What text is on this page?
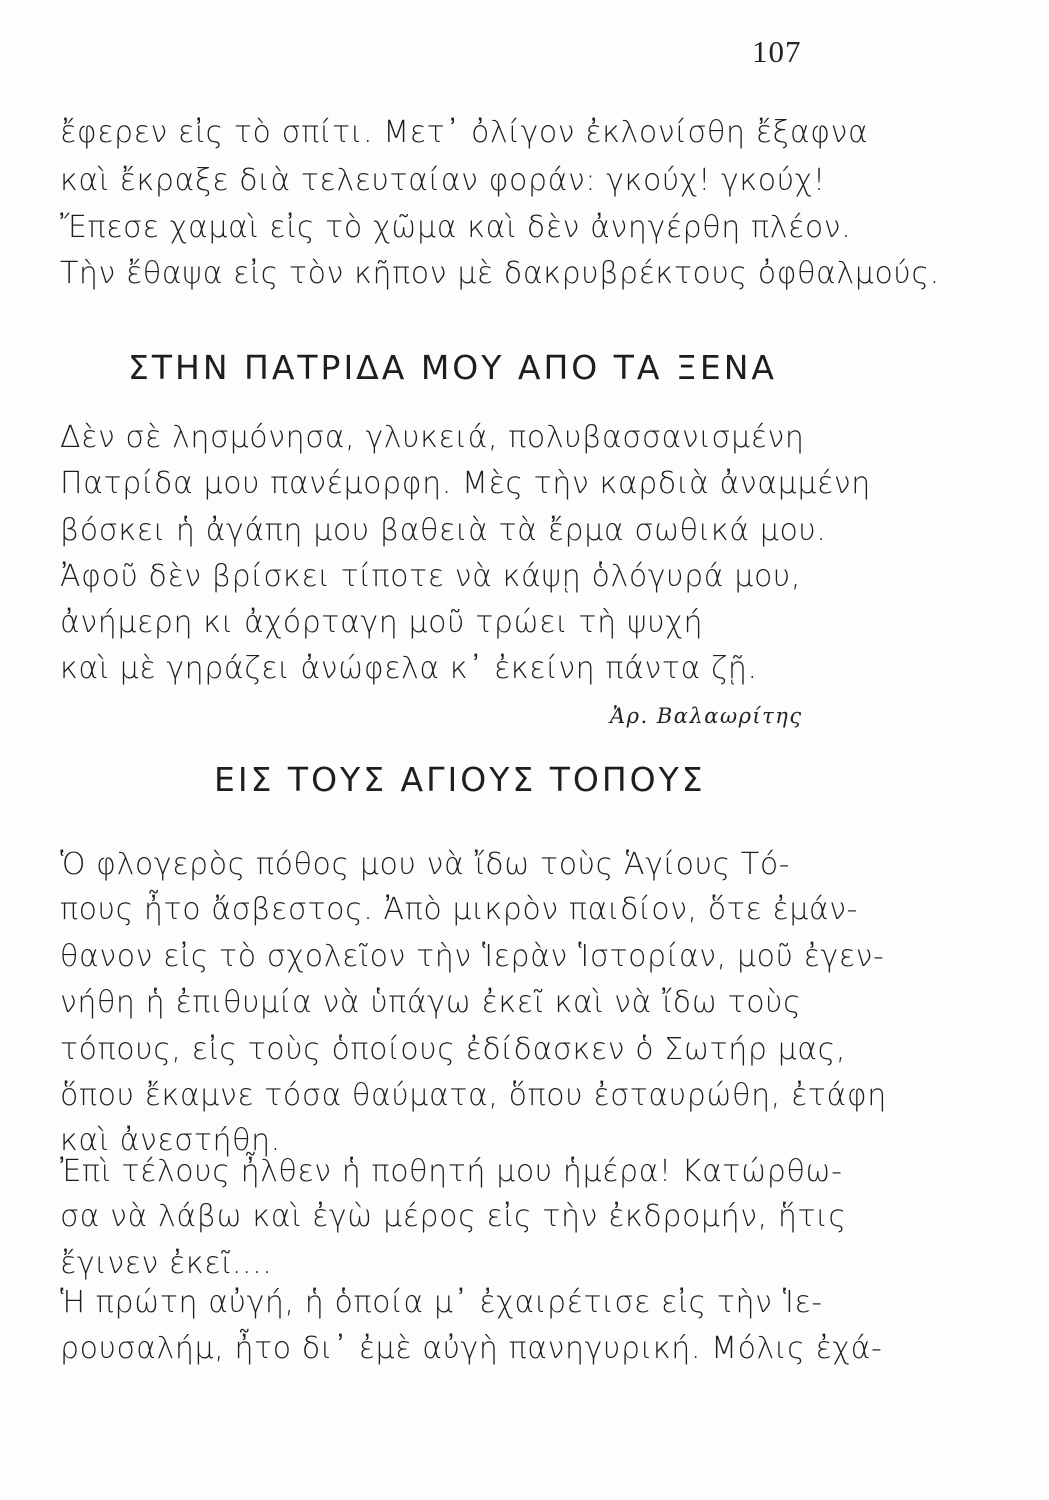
107
ἔφερεν εἰς τὸ σπίτι. Μετ᾽ ὀλίγον ἐκλονίσθη ἔξαφνα
καὶ ἔκραξε διὰ τελευταίαν φοράν: γκούχ! γκούχ!
Ἔπεσε χαμαὶ εἰς τὸ χῶμα καὶ δὲν ἀνηγέρθη πλέον.
Τὴν ἔθαψα εἰς τὸν κῆπον μὲ δακρυβρέκτους ὀφθαλμούς.
ΣΤΗΝ ΠΑΤΡΙΔΑ ΜΟΥ ΑΠΟ ΤΑ ΞΕΝΑ
Δὲν σὲ λησμόνησα, γλυκειά, πολυβασσανισμένη
Πατρίδα μου πανέμορφη. Μὲς τὴν καρδιὰ ἀναμμένη
βόσκει ἡ ἀγάπη μου βαθειὰ τὰ ἔρμα σωθικά μου.
Ἀφοῦ δὲν βρίσκει τίποτε νὰ κάψῃ ὁλόγυρά μου,
ἀνήμερη κι ἀχόρταγη μοῦ τρώει τὴ ψυχή
καὶ μὲ γηράζει ἀνώφελα κ᾽ ἐκείνη πάντα ζῇ.
Ἀρ. Βαλαωρίτης
ΕΙΣ ΤΟΥΣ ΑΓΙΟΥΣ ΤΟΠΟΥΣ
Ὁ φλογερὸς πόθος μου νὰ ἴδω τοὺς Ἁγίους Τό-
πους ἦτο ἄσβεστος. Ἀπὸ μικρὸν παιδίον, ὅτε ἐμάν-
θανον εἰς τὸ σχολεῖον τὴν Ἱερὰν Ἱστορίαν, μοῦ ἐγεν-
νήθη ἡ ἐπιθυμία νὰ ὑπάγω ἐκεῖ καὶ νὰ ἴδω τοὺς
τόπους, εἰς τοὺς ὁποίους ἐδίδασκεν ὁ Σωτήρ μας,
ὅπου ἔκαμνε τόσα θαύματα, ὅπου ἐσταυρώθη, ἐτάφη
καὶ ἀνεστήθη.
Ἐπὶ τέλους ἦλθεν ἡ ποθητή μου ἡμέρα! Κατώρθω-
σα νὰ λάβω καὶ ἐγὼ μέρος εἰς τὴν ἐκδρομήν, ἥτις
ἔγινεν ἐκεῖ....
Ἡ πρώτη αὐγή, ἡ ὁποία μ᾽ ἐχαιρέτισε εἰς τὴν Ἱε-
ρουσαλήμ, ἦτο δι᾽ ἐμὲ αὐγὴ πανηγυρική. Μόλις ἐχά-
